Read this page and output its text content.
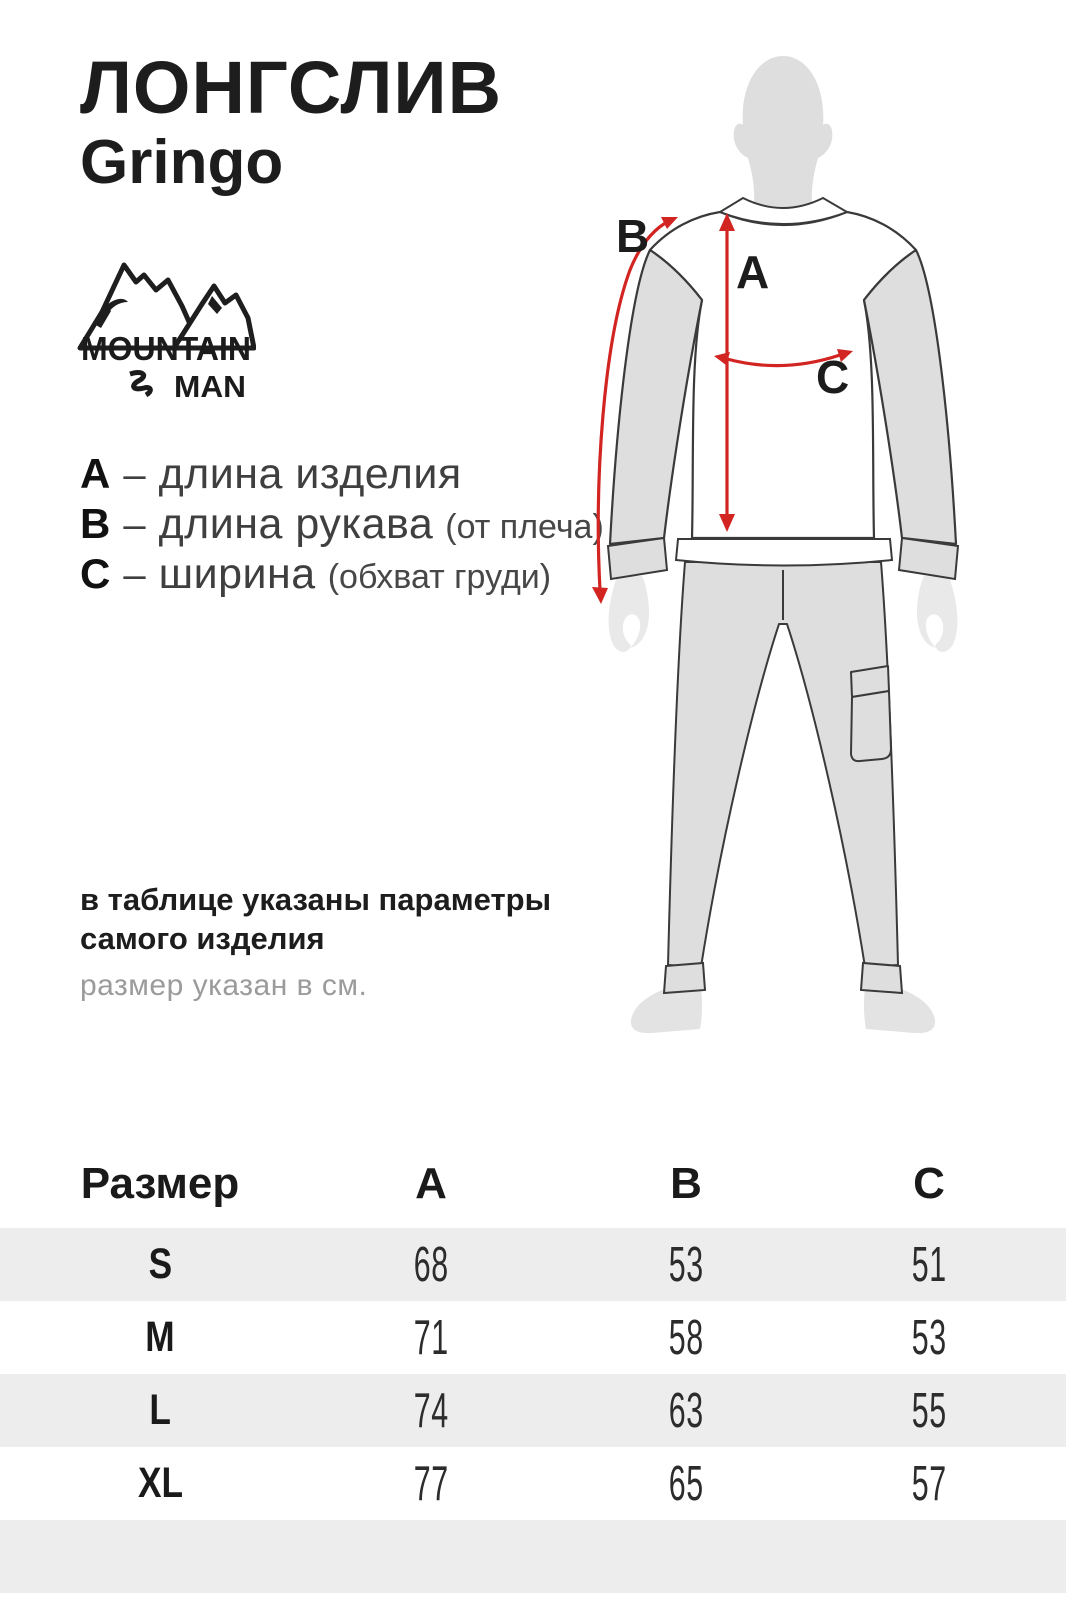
ЛОНГСЛИВ
Gringo
MOUNTAIN
MAN
A – длина изделия
B – длина рукава (от плеча)
C – ширина (обхват груди)
B
A
C
в таблице указаны параметры
самого изделия
размер указан в см.
Размер	A	B	C
S	68	53	51
M	71	58	53
L	74	63	55
XL	77	65	57
